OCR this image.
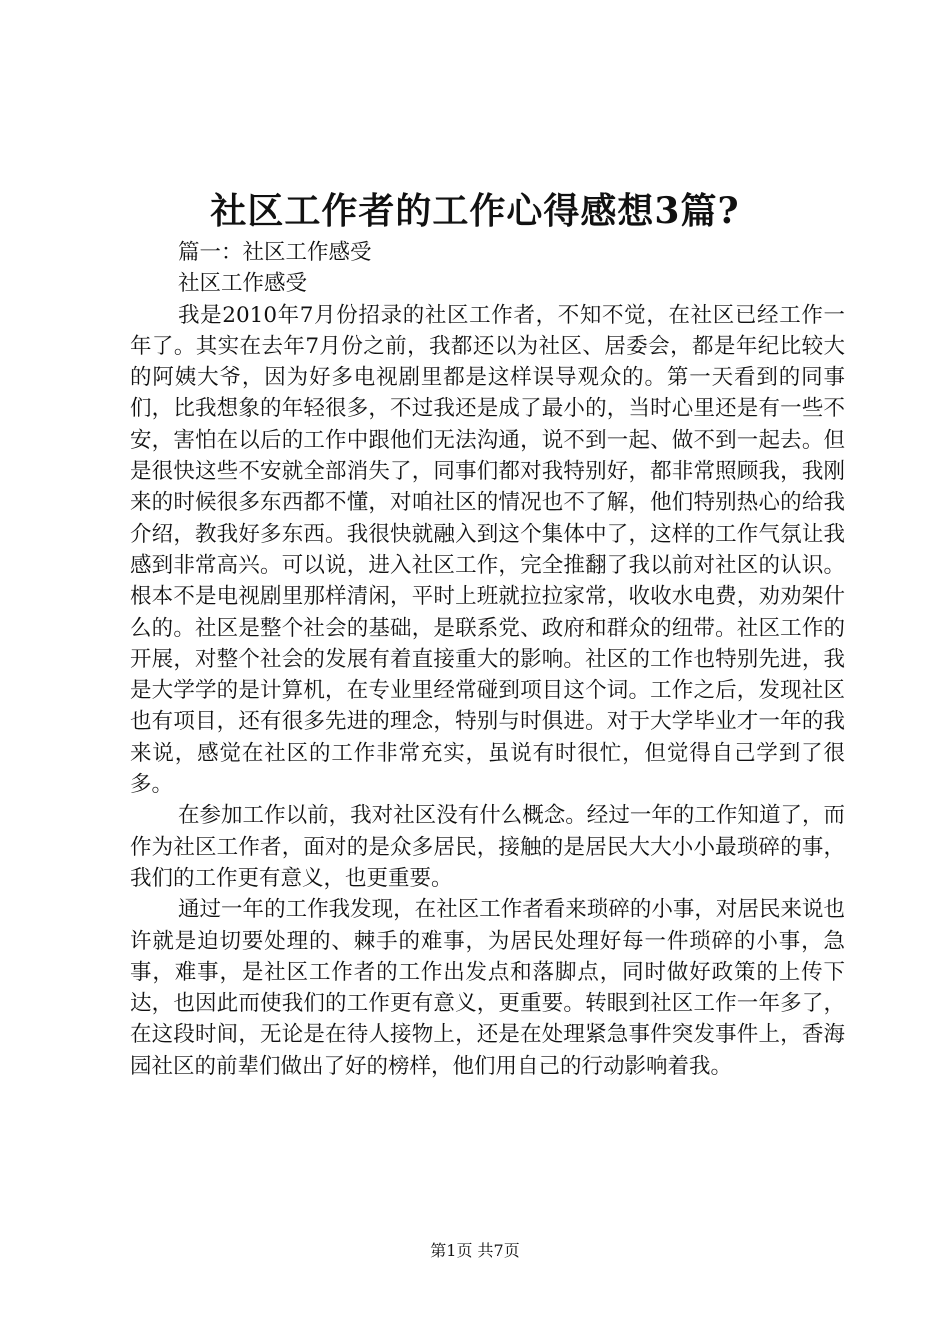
社区工作者的工作心得感想3篇?
篇一：社区工作感受
社区工作感受

我是2010年7月份招录的社区工作者，不知不觉，在社区已经工作一年了。其实在去年7月份之前，我都还以为社区、居委会，都是年纪比较大的阿姨大爷，因为好多电视剧里都是这样误导观众的。第一天看到的同事们，比我想象的年轻很多，不过我还是成了最小的，当时心里还是有一些不安，害怕在以后的工作中跟他们无法沟通，说不到一起、做不到一起去。但是很快这些不安就全部消失了，同事们都对我特别好，都非常照顾我，我刚来的时候很多东西都不懂，对咱社区的情况也不了解，他们特别热心的给我介绍，教我好多东西。我很快就融入到这个集体中了，这样的工作气氛让我感到非常高兴。可以说，进入社区工作，完全推翻了我以前对社区的认识。根本不是电视剧里那样清闲，平时上班就拉拉家常，收收水电费，劝劝架什么的。社区是整个社会的基础，是联系党、政府和群众的纽带。社区工作的开展，对整个社会的发展有着直接重大的影响。社区的工作也特别先进，我是大学学的是计算机，在专业里经常碰到项目这个词。工作之后，发现社区也有项目，还有很多先进的理念，特别与时俱进。对于大学毕业才一年的我来说，感觉在社区的工作非常充实，虽说有时很忙，但觉得自己学到了很多。

在参加工作以前，我对社区没有什么概念。经过一年的工作知道了，而作为社区工作者，面对的是众多居民，接触的是居民大大小小最琐碎的事，我们的工作更有意义，也更重要。

通过一年的工作我发现，在社区工作者看来琐碎的小事，对居民来说也许就是迫切要处理的、棘手的难事，为居民处理好每一件琐碎的小事，急事，难事，是社区工作者的工作出发点和落脚点，同时做好政策的上传下达，也因此而使我们的工作更有意义，更重要。转眼到社区工作一年多了，在这段时间，无论是在待人接物上，还是在处理紧急事件突发事件上，香海园社区的前辈们做出了好的榜样，他们用自己的行动影响着我。

第1页 共7页
